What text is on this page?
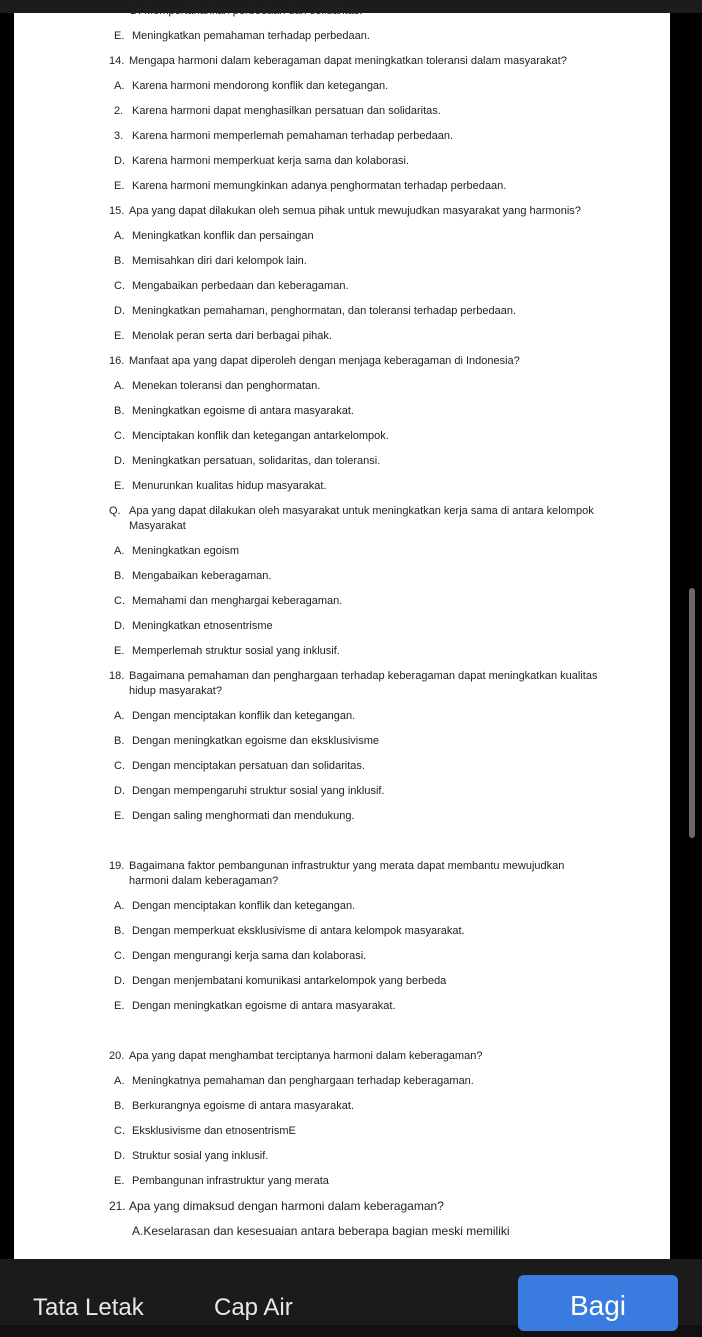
D. Mempertahankan perbedaan dan solidaritas.
E. Meningkatkan pemahaman terhadap perbedaan.
14. Mengapa harmoni dalam keberagaman dapat meningkatkan toleransi dalam masyarakat?
A. Karena harmoni mendorong konflik dan ketegangan.
2. Karena harmoni dapat menghasilkan persatuan dan solidaritas.
3. Karena harmoni memperlemah pemahaman terhadap perbedaan.
D. Karena harmoni memperkuat kerja sama dan kolaborasi.
E. Karena harmoni memungkinkan adanya penghormatan terhadap perbedaan.
15. Apa yang dapat dilakukan oleh semua pihak untuk mewujudkan masyarakat yang harmonis?
A. Meningkatkan konflik dan persaingan
B. Memisahkan diri dari kelompok lain.
C. Mengabaikan perbedaan dan keberagaman.
D. Meningkatkan pemahaman, penghormatan, dan toleransi terhadap perbedaan.
E. Menolak peran serta dari berbagai pihak.
16. Manfaat apa yang dapat diperoleh dengan menjaga keberagaman di Indonesia?
A. Menekan toleransi dan penghormatan.
B. Meningkatkan egoisme di antara masyarakat.
C. Menciptakan konflik dan ketegangan antarkelompok.
D. Meningkatkan persatuan, solidaritas, dan toleransi.
E. Menurunkan kualitas hidup masyarakat.
Q. Apa yang dapat dilakukan oleh masyarakat untuk meningkatkan kerja sama di antara kelompok Masyarakat
A. Meningkatkan egoism
B. Mengabaikan keberagaman.
C. Memahami dan menghargai keberagaman.
D. Meningkatkan etnosentrisme
E. Memperlemah struktur sosial yang inklusif.
18. Bagaimana pemahaman dan penghargaan terhadap keberagaman dapat meningkatkan kualitas hidup masyarakat?
A. Dengan menciptakan konflik dan ketegangan.
B. Dengan meningkatkan egoisme dan eksklusivisme
C. Dengan menciptakan persatuan dan solidaritas.
D. Dengan mempengaruhi struktur sosial yang inklusif.
E. Dengan saling menghormati dan mendukung.
19. Bagaimana faktor pembangunan infrastruktur yang merata dapat membantu mewujudkan harmoni dalam keberagaman?
A. Dengan menciptakan konflik dan ketegangan.
B. Dengan memperkuat eksklusivisme di antara kelompok masyarakat.
C. Dengan mengurangi kerja sama dan kolaborasi.
D. Dengan menjembatani komunikasi antarkelompok yang berbeda
E. Dengan meningkatkan egoisme di antara masyarakat.
20. Apa yang dapat menghambat terciptanya harmoni dalam keberagaman?
A. Meningkatnya pemahaman dan penghargaan terhadap keberagaman.
B. Berkurangnya egoisme di antara masyarakat.
C. Eksklusivisme dan etnosentrismE
D. Struktur sosial yang inklusif.
E. Pembangunan infrastruktur yang merata
21. Apa yang dimaksud dengan harmoni dalam keberagaman?
A.Keselarasan dan kesesuaian antara beberapa bagian meski memiliki
Tata Letak	Cap Air	Bagi
